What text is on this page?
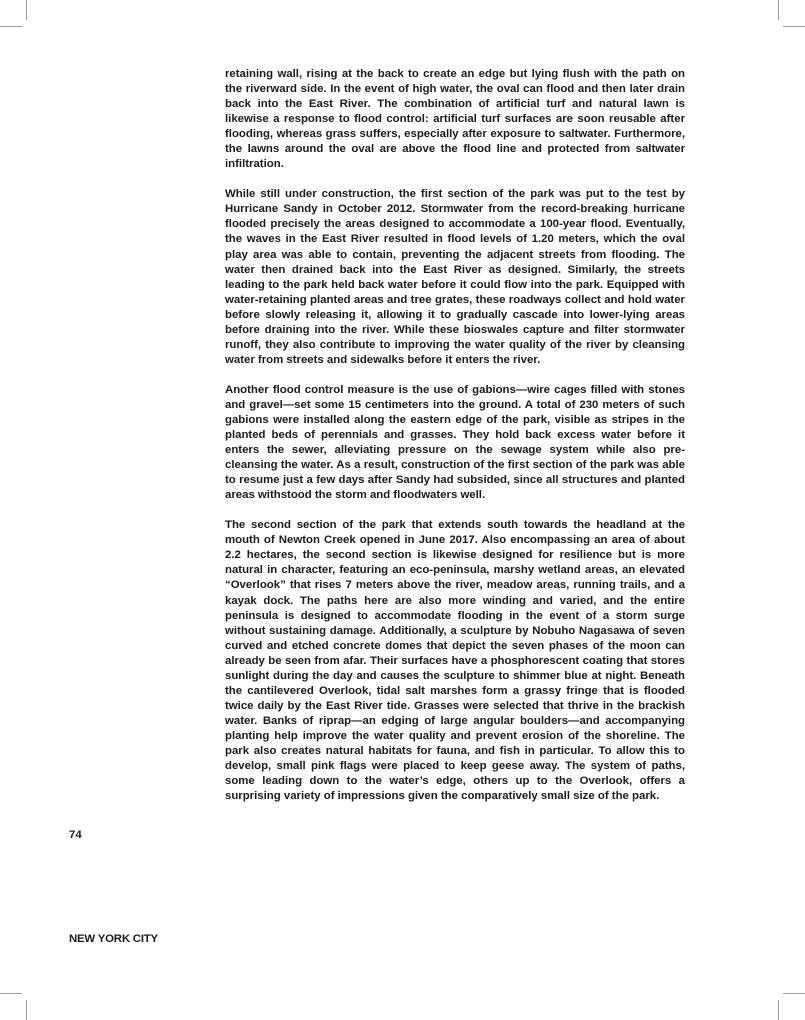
retaining wall, rising at the back to create an edge but lying flush with the path on the riverward side. In the event of high water, the oval can flood and then later drain back into the East River. The combination of artificial turf and natural lawn is likewise a response to flood control: artificial turf surfaces are soon reusable after flooding, whereas grass suffers, especially after exposure to saltwater. Furthermore, the lawns around the oval are above the flood line and protected from saltwater infiltration.

While still under construction, the first section of the park was put to the test by Hurricane Sandy in October 2012. Stormwater from the record-breaking hurricane flooded precisely the areas designed to accommodate a 100-year flood. Eventually, the waves in the East River resulted in flood levels of 1.20 meters, which the oval play area was able to contain, preventing the adjacent streets from flooding. The water then drained back into the East River as designed. Similarly, the streets leading to the park held back water before it could flow into the park. Equipped with water-retaining planted areas and tree grates, these roadways collect and hold water before slowly releasing it, allowing it to gradually cascade into lower-lying areas before draining into the river. While these bioswales capture and filter stormwater runoff, they also contribute to improving the water quality of the river by cleansing water from streets and sidewalks before it enters the river.

Another flood control measure is the use of gabions—wire cages filled with stones and gravel—set some 15 centimeters into the ground. A total of 230 meters of such gabions were installed along the eastern edge of the park, visible as stripes in the planted beds of perennials and grasses. They hold back excess water before it enters the sewer, alleviating pressure on the sewage system while also pre-cleansing the water. As a result, construction of the first section of the park was able to resume just a few days after Sandy had subsided, since all structures and planted areas withstood the storm and floodwaters well.

The second section of the park that extends south towards the headland at the mouth of Newton Creek opened in June 2017. Also encompassing an area of about 2.2 hectares, the second section is likewise designed for resilience but is more natural in character, featuring an eco-peninsula, marshy wetland areas, an elevated “Overlook” that rises 7 meters above the river, meadow areas, running trails, and a kayak dock. The paths here are also more winding and varied, and the entire peninsula is designed to accommodate flooding in the event of a storm surge without sustaining damage. Additionally, a sculpture by Nobuho Nagasawa of seven curved and etched concrete domes that depict the seven phases of the moon can already be seen from afar. Their surfaces have a phosphorescent coating that stores sunlight during the day and causes the sculpture to shimmer blue at night. Beneath the cantilevered Overlook, tidal salt marshes form a grassy fringe that is flooded twice daily by the East River tide. Grasses were selected that thrive in the brackish water. Banks of riprap—an edging of large angular boulders—and accompanying planting help improve the water quality and prevent erosion of the shoreline. The park also creates natural habitats for fauna, and fish in particular. To allow this to develop, small pink flags were placed to keep geese away. The system of paths, some leading down to the water’s edge, others up to the Overlook, offers a surprising variety of impressions given the comparatively small size of the park.

74
NEW YORK CITY
